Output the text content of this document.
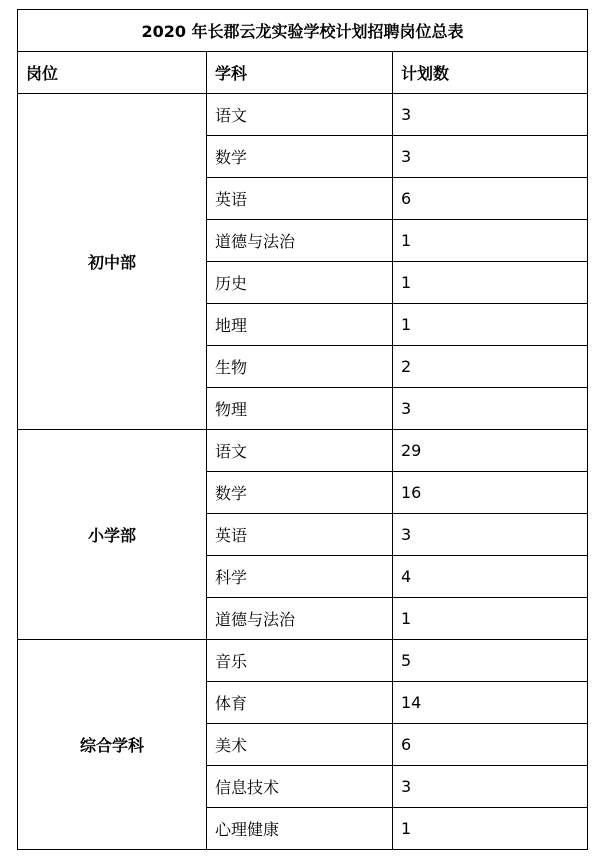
2020 年长郡云龙实验学校计划招聘岗位总表		
岗位	学科	计划数
初中部	语文	3
	数学	3
	英语	6
	道德与法治	1
	历史	1
	地理	1
	生物	2
	物理	3
小学部	语文	29
	数学	16
	英语	3
	科学	4
	道德与法治	1
综合学科	音乐	5
	体育	14
	美术	6
	信息技术	3
	心理健康	1
